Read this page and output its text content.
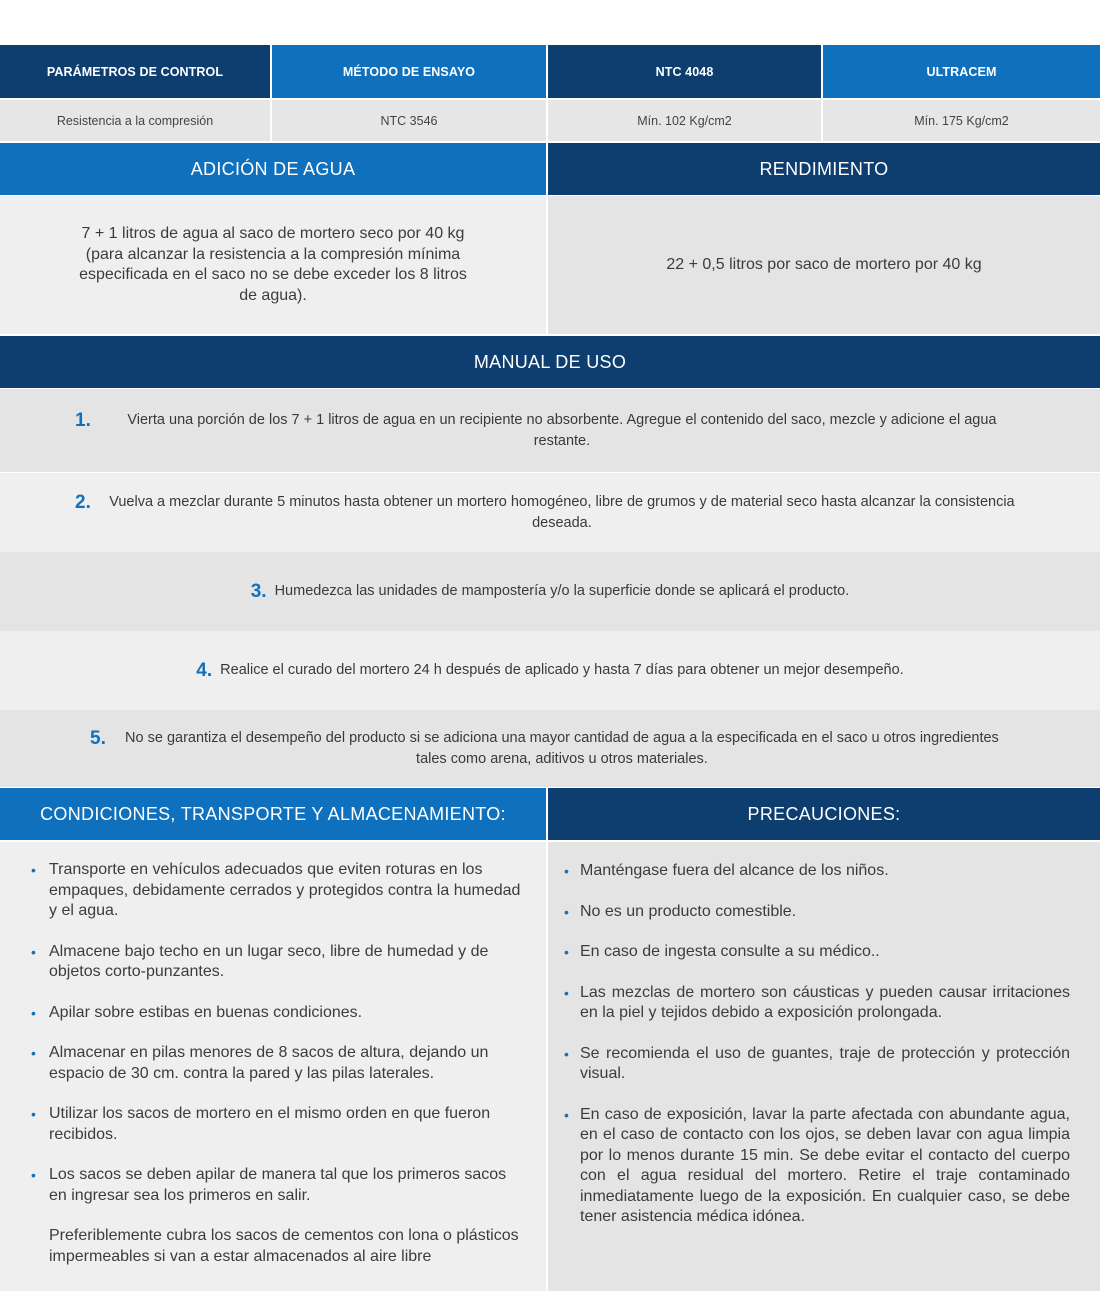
PARÁMETROS DE CONTROL	MÉTODO DE ENSAYO	NTC 4048	ULTRACEM
Resistencia a la compresión	NTC 3546	Mín. 102 Kg/cm2	Mín. 175 Kg/cm2
ADICIÓN DE AGUA	RENDIMIENTO
7 + 1 litros de agua al saco de mortero seco por 40 kg (para alcanzar la resistencia a la compresión mínima especificada en el saco no se debe exceder los 8 litros de agua).
22 + 0,5 litros por saco de mortero por 40 kg
MANUAL DE USO
1.	Vierta una porción de los 7 + 1 litros de agua en un recipiente no absorbente. Agregue el contenido del saco, mezcle y adicione el agua restante.
2.	Vuelva a mezclar durante 5 minutos hasta obtener un mortero homogéneo, libre de grumos y de material seco hasta alcanzar la consistencia deseada.
3. Humedezca las unidades de mampostería y/o la superficie donde se aplicará el producto.
4. Realice el curado del mortero 24 h después de aplicado y hasta 7 días para obtener un mejor desempeño.
5.	No se garantiza el desempeño del producto si se adiciona una mayor cantidad de agua a la especificada en el saco u otros ingredientes tales como arena, aditivos u otros materiales.
CONDICIONES, TRANSPORTE Y ALMACENAMIENTO:	PRECAUCIONES:
• Transporte en vehículos adecuados que eviten roturas en los empaques, debidamente cerrados y protegidos contra la humedad y el agua.
• Almacene bajo techo en un lugar seco, libre de humedad y de objetos corto-punzantes.
• Apilar sobre estibas en buenas condiciones.
• Almacenar en pilas menores de 8 sacos de altura, dejando un espacio de 30 cm. contra la pared y las pilas laterales.
• Utilizar los sacos de mortero en el mismo orden en que fueron recibidos.
• Los sacos se deben apilar de manera tal que los primeros sacos en ingresar sea los primeros en salir.
Preferiblemente cubra los sacos de cementos con lona o plásticos impermeables si van a estar almacenados al aire libre
• Manténgase fuera del alcance de los niños.
• No es un producto comestible.
• En caso de ingesta consulte a su médico..
• Las mezclas de mortero son cáusticas y pueden causar irritaciones en la piel y tejidos debido a exposición prolongada.
• Se recomienda el uso de guantes, traje de protección y protección visual.
• En caso de exposición, lavar la parte afectada con abundante agua, en el caso de contacto con los ojos, se deben lavar con agua limpia por lo menos durante 15 min. Se debe evitar el contacto del cuerpo con el agua residual del mortero. Retire el traje contaminado inmediatamente luego de la exposición. En cualquier caso, se debe tener asistencia médica idónea.
